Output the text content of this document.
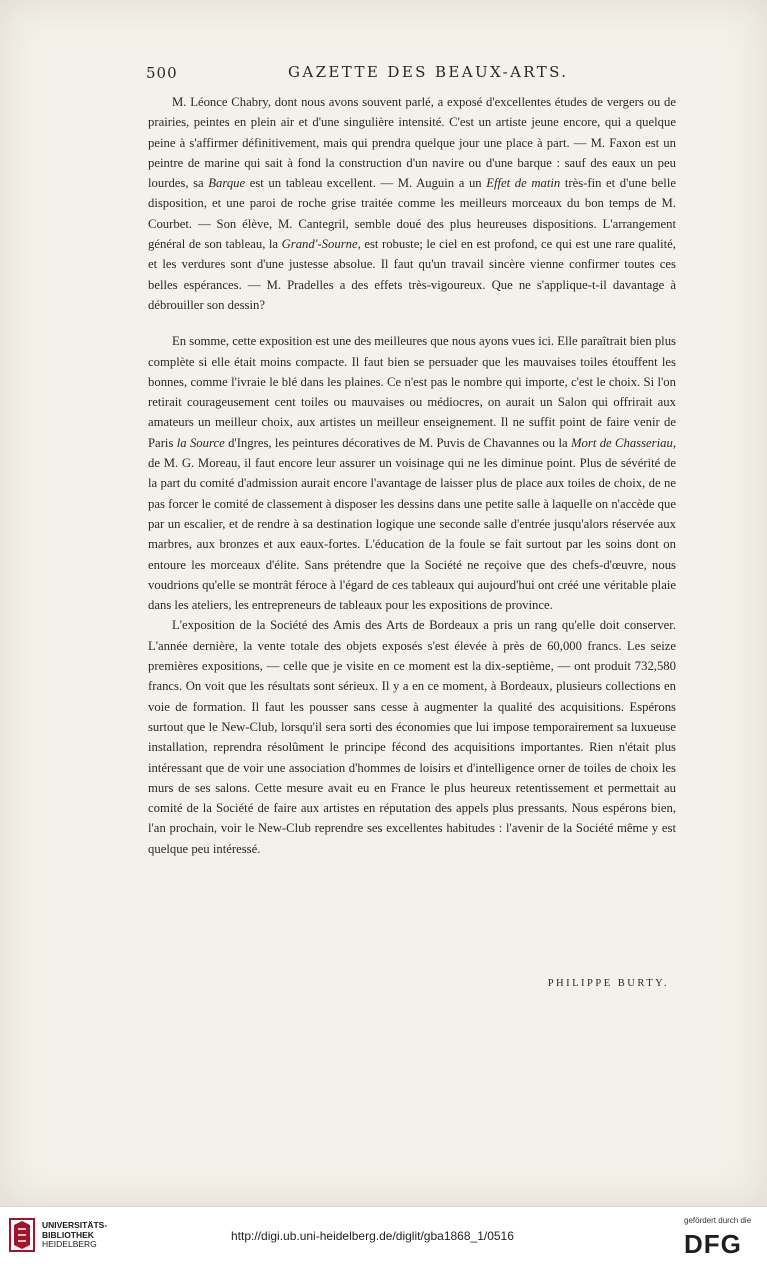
500	GAZETTE DES BEAUX-ARTS.

M. Léonce Chabry, dont nous avons souvent parlé, a exposé d'excellentes études de vergers ou de prairies, peintes en plein air et d'une singulière intensité. C'est un artiste jeune encore, qui a quelque peine à s'affirmer définitivement, mais qui prendra quelque jour une place à part. — M. Faxon est un peintre de marine qui sait à fond la construction d'un navire ou d'une barque : sauf des eaux un peu lourdes, sa Barque est un tableau excellent. — M. Auguin a un Effet de matin très-fin et d'une belle disposition, et une paroi de roche grise traitée comme les meilleurs morceaux du bon temps de M. Courbet. — Son élève, M. Cantegril, semble doué des plus heureuses dispositions. L'arrangement général de son tableau, la Grand'-Sourne, est robuste; le ciel en est profond, ce qui est une rare qualité, et les verdures sont d'une justesse absolue. Il faut qu'un travail sincère vienne confirmer toutes ces belles espérances. — M. Pradelles a des effets très-vigoureux. Que ne s'applique-t-il davantage à débrouiller son dessin?

En somme, cette exposition est une des meilleures que nous ayons vues ici. Elle paraîtrait bien plus complète si elle était moins compacte. Il faut bien se persuader que les mauvaises toiles étouffent les bonnes, comme l'ivraie le blé dans les plaines. Ce n'est pas le nombre qui importe, c'est le choix. Si l'on retirait courageusement cent toiles ou mauvaises ou médiocres, on aurait un Salon qui offrirait aux amateurs un meilleur choix, aux artistes un meilleur enseignement. Il ne suffit point de faire venir de Paris la Source d'Ingres, les peintures décoratives de M. Puvis de Chavannes ou la Mort de Chasseriau, de M. G. Moreau, il faut encore leur assurer un voisinage qui ne les diminue point. Plus de sévérité de la part du comité d'admission aurait encore l'avantage de laisser plus de place aux toiles de choix, de ne pas forcer le comité de classement à disposer les dessins dans une petite salle à laquelle on n'accède que par un escalier, et de rendre à sa destination logique une seconde salle d'entrée jusqu'alors réservée aux marbres, aux bronzes et aux eaux-fortes. L'éducation de la foule se fait surtout par les soins dont on entoure les morceaux d'élite. Sans prétendre que la Société ne reçoive que des chefs-d'œuvre, nous voudrions qu'elle se montrât féroce à l'égard de ces tableaux qui aujourd'hui ont créé une véritable plaie dans les ateliers, les entrepreneurs de tableaux pour les expositions de province.

L'exposition de la Société des Amis des Arts de Bordeaux a pris un rang qu'elle doit conserver. L'année dernière, la vente totale des objets exposés s'est élevée à près de 60,000 francs. Les seize premières expositions, — celle que je visite en ce moment est la dix-septième, — ont produit 732,580 francs. On voit que les résultats sont sérieux. Il y a en ce moment, à Bordeaux, plusieurs collections en voie de formation. Il faut les pousser sans cesse à augmenter la qualité des acquisitions. Espérons surtout que le New-Club, lorsqu'il sera sorti des économies que lui impose temporairement sa luxueuse installation, reprendra résolûment le principe fécond des acquisitions importantes. Rien n'était plus intéressant que de voir une association d'hommes de loisirs et d'intelligence orner de toiles de choix les murs de ses salons. Cette mesure avait eu en France le plus heureux retentissement et permettait au comité de la Société de faire aux artistes en réputation des appels plus pressants. Nous espérons bien, l'an prochain, voir le New-Club reprendre ses excellentes habitudes : l'avenir de la Société même y est quelque peu intéressé.

PHILIPPE BURTY.
UNIVERSITÄTS-
BIBLIOTHEK
HEIDELBERG
http://digi.ub.uni-heidelberg.de/diglit/gba1868_1/0516
gefördert durch die
DFG
